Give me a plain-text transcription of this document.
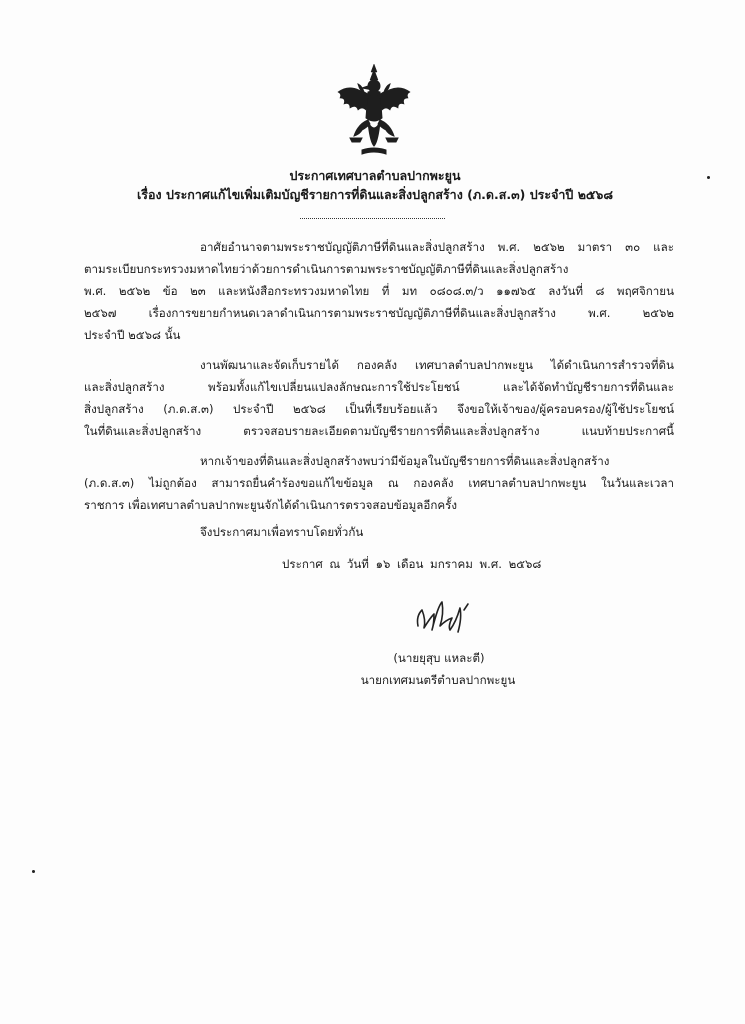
ประกาศเทศบาลตำบลปากพะยูน
เรื่อง ประกาศแก้ไขเพิ่มเติมบัญชีรายการที่ดินและสิ่งปลูกสร้าง (ภ.ด.ส.๓) ประจำปี ๒๕๖๘
อาศัยอำนาจตามพระราชบัญญัติภาษีที่ดินและสิ่งปลูกสร้าง พ.ศ. ๒๕๖๒ มาตรา ๓๐ และ
ตามระเบียบกระทรวงมหาดไทยว่าด้วยการดำเนินการตามพระราชบัญญัติภาษีที่ดินและสิ่งปลูกสร้าง
พ.ศ. ๒๕๖๒ ข้อ ๒๓ และหนังสือกระทรวงมหาดไทย ที่ มท ๐๘๐๘.๓/ว ๑๑๗๖๕ ลงวันที่ ๘ พฤศจิกายน
๒๕๖๗ เรื่องการขยายกำหนดเวลาดำเนินการตามพระราชบัญญัติภาษีที่ดินและสิ่งปลูกสร้าง พ.ศ. ๒๕๖๒
ประจำปี ๒๕๖๘ นั้น
งานพัฒนาและจัดเก็บรายได้ กองคลัง เทศบาลตำบลปากพะยูน ได้ดำเนินการสำรวจที่ดิน
และสิ่งปลูกสร้าง พร้อมทั้งแก้ไขเปลี่ยนแปลงลักษณะการใช้ประโยชน์ และได้จัดทำบัญชีรายการที่ดินและ
สิ่งปลูกสร้าง (ภ.ด.ส.๓) ประจำปี ๒๕๖๘ เป็นที่เรียบร้อยแล้ว จึงขอให้เจ้าของ/ผู้ครอบครอง/ผู้ใช้ประโยชน์
ในที่ดินและสิ่งปลูกสร้าง ตรวจสอบรายละเอียดตามบัญชีรายการที่ดินและสิ่งปลูกสร้าง แนบท้ายประกาศนี้
หากเจ้าของที่ดินและสิ่งปลูกสร้างพบว่ามีข้อมูลในบัญชีรายการที่ดินและสิ่งปลูกสร้าง
(ภ.ด.ส.๓) ไม่ถูกต้อง สามารถยื่นคำร้องขอแก้ไขข้อมูล ณ กองคลัง เทศบาลตำบลปากพะยูน ในวันและเวลา
ราชการ เพื่อเทศบาลตำบลปากพะยูนจักได้ดำเนินการตรวจสอบข้อมูลอีกครั้ง
จึงประกาศมาเพื่อทราบโดยทั่วกัน
ประกาศ ณ วันที่ ๑๖ เดือน มกราคม พ.ศ. ๒๕๖๘
(นายยุสุบ แหละตี)
นายกเทศมนตรีตำบลปากพะยูน
